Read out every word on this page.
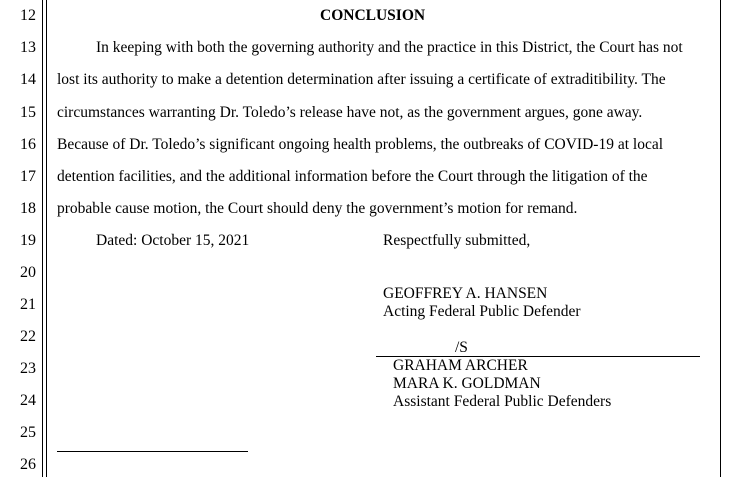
12
13
14
15
16
17
18
19
20
21
22
23
24
25
26
CONCLUSION
In keeping with both the governing authority and the practice in this District, the Court has not
lost its authority to make a detention determination after issuing a certificate of extraditibility. The
circumstances warranting Dr. Toledo’s release have not, as the government argues, gone away.
Because of Dr. Toledo’s significant ongoing health problems, the outbreaks of COVID-19 at local
detention facilities, and the additional information before the Court through the litigation of the
probable cause motion, the Court should deny the government’s motion for remand.
Dated: October 15, 2021	Respectfully submitted,
GEOFFREY A. HANSEN
Acting Federal Public Defender
/S
GRAHAM ARCHER
MARA K. GOLDMAN
Assistant Federal Public Defenders
